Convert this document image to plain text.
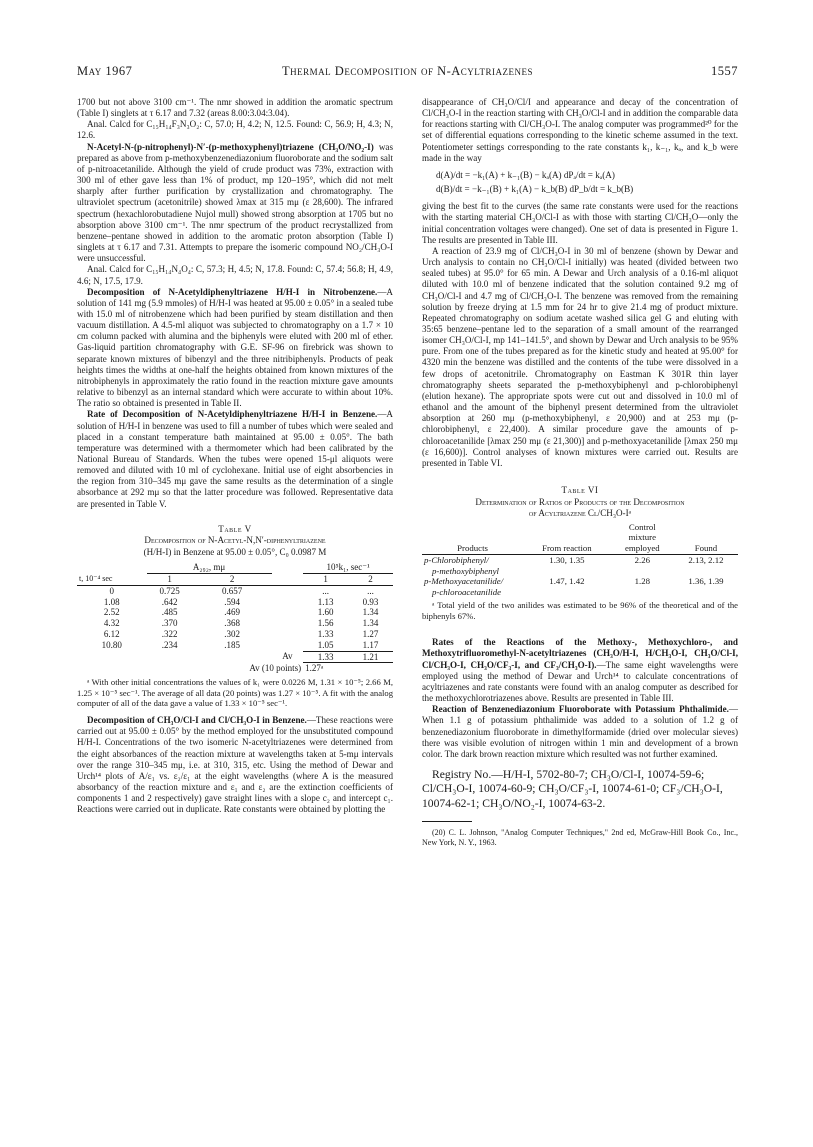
May 1967	Thermal Decomposition of N-Acyltriazenes	1557

1700 but not above 3100 cm⁻¹. The nmr showed in addition the aromatic spectrum (Table I) singlets at τ 6.17 and 7.32 (areas 8.00:3.04:3.04).

Anal. Calcd for C₁₅H₁₄F₃N₃O₂: C, 57.0; H, 4.2; N, 12.5. Found: C, 56.9; H, 4.3; N, 12.6.

N-Acetyl-N-(p-nitrophenyl)-N′-(p-methoxyphenyl)triazene (CH₃O/NO₂-I) was prepared as above from p-methoxybenzenediazonium fluoroborate and the sodium salt of p-nitroacetanilide. Although the yield of crude product was 73%, extraction with 300 ml of ether gave less than 1% of product, mp 120–195°, which did not melt sharply after further purification by crystallization and chromatography. The ultraviolet spectrum (acetonitrile) showed λmax at 315 mμ (ε 28,600). The infrared spectrum (hexachlorobutadiene Nujol mull) showed strong absorption at 1705 but no absorption above 3100 cm⁻¹. The nmr spectrum of the product recrystallized from benzene–pentane showed in addition to the aromatic proton absorption (Table I) singlets at τ 6.17 and 7.31. Attempts to prepare the isomeric compound NO₂/CH₃O-I were unsuccessful.

Anal. Calcd for C₁₅H₁₄N₄O₄: C, 57.3; H, 4.5; N, 17.8. Found: C, 57.4; 56.8; H, 4.9, 4.6; N, 17.5, 17.9.

Decomposition of N-Acetyldiphenyltriazene H/H-I in Nitrobenzene.—A solution of 141 mg (5.9 mmoles) of H/H-I was heated at 95.00 ± 0.05° in a sealed tube with 15.0 ml of nitrobenzene which had been purified by steam distillation and then vacuum distillation. A 4.5-ml aliquot was subjected to chromatography on a 1.7 × 10 cm column packed with alumina and the biphenyls were eluted with 200 ml of ether. Gas-liquid partition chromatography with G.E. SF-96 on firebrick was shown to separate known mixtures of bibenzyl and the three nitribiphenyls. Products of peak heights times the widths at one-half the heights obtained from known mixtures of the nitrobiphenyls in approximately the ratio found in the reaction mixture gave amounts relative to bibenzyl as an internal standard which were accurate to within about 10%. The ratio so obtained is presented in Table II.

Rate of Decomposition of N-Acetyldiphenyltriazene H/H-I in Benzene.—A solution of H/H-I in benzene was used to fill a number of tubes which were sealed and placed in a constant temperature bath maintained at 95.00 ± 0.05°. The bath temperature was determined with a thermometer which had been calibrated by the National Bureau of Standards. When the tubes were opened 15-μl aliquots were removed and diluted with 10 ml of cyclohexane. Initial use of eight absorbencies in the region from 310–345 mμ gave the same results as the determination of a single absorbance at 292 mμ so that the latter procedure was followed. Representative data are presented in Table V.

Table V
Decomposition of N-Acetyl-N,N′-diphenyltriazene
(H/H-I) in Benzene at 95.00 ± 0.05°, C₀ 0.0987 M
	A₂₉₂, mμ			10⁵k₁, sec⁻¹	
t, 10⁻⁴ sec	1	2		1	2
0	0.725	0.657		...	...
1.08	.642	.594		1.13	0.93
2.52	.485	.469		1.60	1.34
4.32	.370	.368		1.56	1.34
6.12	.322	.302		1.33	1.27
10.80	.234	.185		1.05	1.17
			Av	1.33	1.21
		Av (10 points)		1.27ᵃ	

ᵃ With other initial concentrations the values of k₁ were 0.0226 M, 1.31 × 10⁻⁵; 2.66 M, 1.25 × 10⁻⁵ sec⁻¹. The average of all data (20 points) was 1.27 × 10⁻⁵. A fit with the analog computer of all of the data gave a value of 1.33 × 10⁻⁵ sec⁻¹.

Decomposition of CH₃O/Cl-I and Cl/CH₃O-I in Benzene.—These reactions were carried out at 95.00 ± 0.05° by the method employed for the unsubstituted compound H/H-I. Concentrations of the two isomeric N-acetyltriazenes were determined from the eight absorbances of the reaction mixture at wavelengths taken at 5-mμ intervals over the range 310–345 mμ, i.e. at 310, 315, etc. Using the method of Dewar and Urch¹⁴ plots of A/ε₁ vs. ε₂/ε₁ at the eight wavelengths (where A is the measured absorbancy of the reaction mixture and ε₁ and ε₂ are the extinction coefficients of components 1 and 2 respectively) gave straight lines with a slope c₂ and intercept c₁. Reactions were carried out in duplicate. Rate constants were obtained by plotting the

disappearance of CH₃O/Cl/I and appearance and decay of the concentration of Cl/CH₃O-I in the reaction starting with CH₃O/Cl-I and in addition the comparable data for reactions starting with Cl/CH₃O-I. The analog computer was programmed²⁰ for the set of differential equations corresponding to the kinetic scheme assumed in the text. Potentiometer settings corresponding to the rate constants k₁, k₋₁, kₐ, and k_b were made in the way

d(A)/dt = −k₁(A) + k₋₁(B) − kₐ(A) dPₐ/dt = kₐ(A)

d(B)/dt = −k₋₁(B) + k₁(A) − k_b(B) dP_b/dt = k_b(B)

giving the best fit to the curves (the same rate constants were used for the reactions with the starting material CH₃O/Cl-I as with those with starting Cl/CH₃O—only the initial concentration voltages were changed). One set of data is presented in Figure 1. The results are presented in Table III.

A reaction of 23.9 mg of Cl/CH₃O-I in 30 ml of benzene (shown by Dewar and Urch analysis to contain no CH₃O/Cl-I initially) was heated (divided between two sealed tubes) at 95.0° for 65 min. A Dewar and Urch analysis of a 0.16-ml aliquot diluted with 10.0 ml of benzene indicated that the solution contained 9.2 mg of CH₃O/Cl-I and 4.7 mg of Cl/CH₃O-I. The benzene was removed from the remaining solution by freeze drying at 1.5 mm for 24 hr to give 21.4 mg of product mixture. Repeated chromatography on sodium acetate washed silica gel G and eluting with 35:65 benzene–pentane led to the separation of a small amount of the rearranged isomer CH₃O/Cl-I, mp 141–141.5°, and shown by Dewar and Urch analysis to be 95% pure. From one of the tubes prepared as for the kinetic study and heated at 95.00° for 4320 min the benzene was distilled and the contents of the tube were dissolved in a few drops of acetonitrile. Chromatography on Eastman K 301R thin layer chromatography sheets separated the p-methoxybiphenyl and p-chlorobiphenyl (elution hexane). The appropriate spots were cut out and dissolved in 10.0 ml of ethanol and the amount of the biphenyl present determined from the ultraviolet absorption at 260 mμ (p-methoxybiphenyl, ε 20,900) and at 253 mμ (p-chlorobiphenyl, ε 22,400). A similar procedure gave the amounts of p-chloroacetanilide [λmax 250 mμ (ε 21,300)] and p-methoxyacetanilide [λmax 250 mμ (ε 16,600)]. Control analyses of known mixtures were carried out. Results are presented in Table VI.

Table VI
Determination of Ratios of Products of the Decomposition
of Acyltriazene Cl/CH₃O-Iᵃ
		Control	
		mixture	
Products	From reaction	employed	Found
p-Chlorobiphenyl/	1.30, 1.35	2.26	2.13, 2.12
p-methoxybiphenyl			
p-Methoxyacetanilide/	1.47, 1.42	1.28	1.36, 1.39
p-chloroacetanilide			

ᵃ Total yield of the two anilides was estimated to be 96% of the theoretical and of the biphenyls 67%.

Rates of the Reactions of the Methoxy-, Methoxychloro-, and Methoxytrifluoromethyl-N-acetyltriazenes (CH₃O/H-I, H/CH₃O-I, CH₃O/Cl-I, Cl/CH₃O-I, CH₃O/CF₃-I, and CF₃/CH₃O-I).—The same eight wavelengths were employed using the method of Dewar and Urch¹⁴ to calculate concentrations of acyltriazenes and rate constants were found with an analog computer as described for the methoxychlorotriazenes above. Results are presented in Table III.

Reaction of Benzenediazonium Fluoroborate with Potassium Phthalimide.—When 1.1 g of potassium phthalimide was added to a solution of 1.2 g of benzenediazonium fluoroborate in dimethylformamide (dried over molecular sieves) there was visible evolution of nitrogen within 1 min and development of a brown color. The dark brown reaction mixture which resulted was not further examined.

Registry No.—H/H-I, 5702-80-7; CH₃O/Cl-I, 10074-59-6; Cl/CH₃O-I, 10074-60-9; CH₃O/CF₃-I, 10074-61-0; CF₃/CH₃O-I, 10074-62-1; CH₃O/NO₂-I, 10074-63-2.

(20) C. L. Johnson, "Analog Computer Techniques," 2nd ed, McGraw-Hill Book Co., Inc., New York, N. Y., 1963.
